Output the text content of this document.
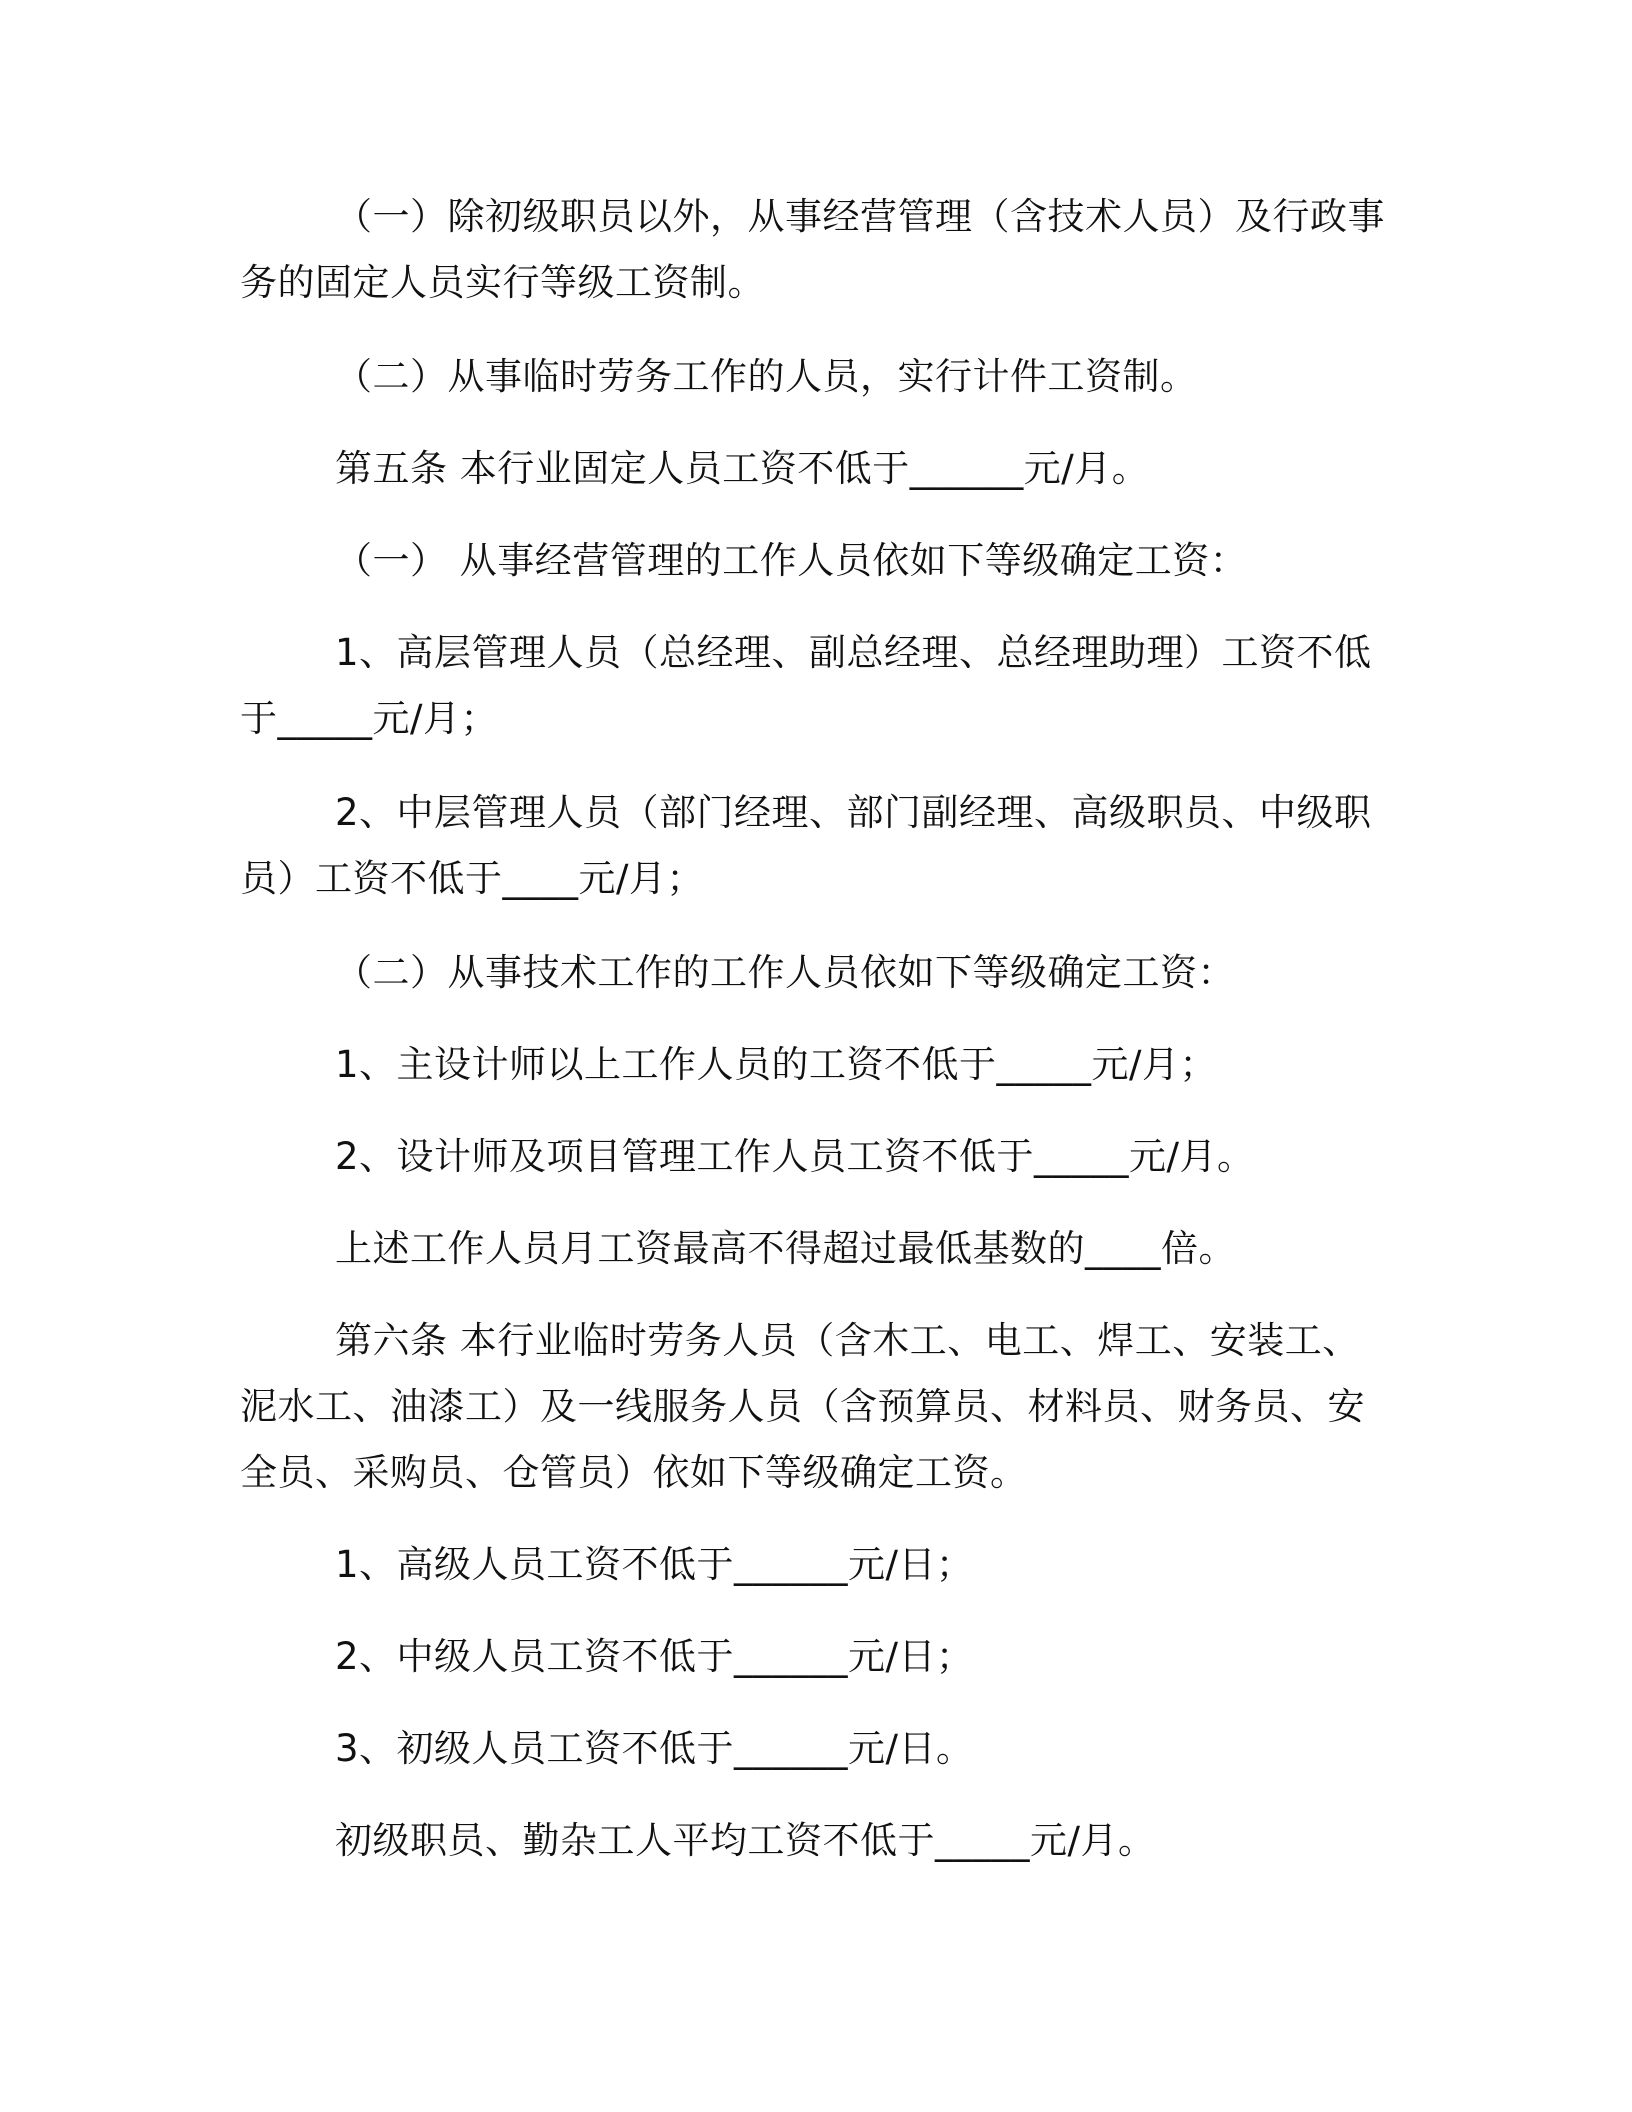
（一）除初级职员以外，从事经营管理（含技术人员）及行政事务的固定人员实行等级工资制。

（二）从事临时劳务工作的人员，实行计件工资制。

第五条 本行业固定人员工资不低于______元/月。

（一） 从事经营管理的工作人员依如下等级确定工资：

1、高层管理人员（总经理、副总经理、总经理助理）工资不低于_____元/月；

2、中层管理人员（部门经理、部门副经理、高级职员、中级职员）工资不低于____元/月；

（二）从事技术工作的工作人员依如下等级确定工资：

1、主设计师以上工作人员的工资不低于_____元/月；

2、设计师及项目管理工作人员工资不低于_____元/月。

上述工作人员月工资最高不得超过最低基数的____倍。

第六条 本行业临时劳务人员（含木工、电工、焊工、安装工、泥水工、油漆工）及一线服务人员（含预算员、材料员、财务员、安全员、采购员、仓管员）依如下等级确定工资。

1、高级人员工资不低于______元/日；

2、中级人员工资不低于______元/日；

3、初级人员工资不低于______元/日。

初级职员、勤杂工人平均工资不低于_____元/月。
